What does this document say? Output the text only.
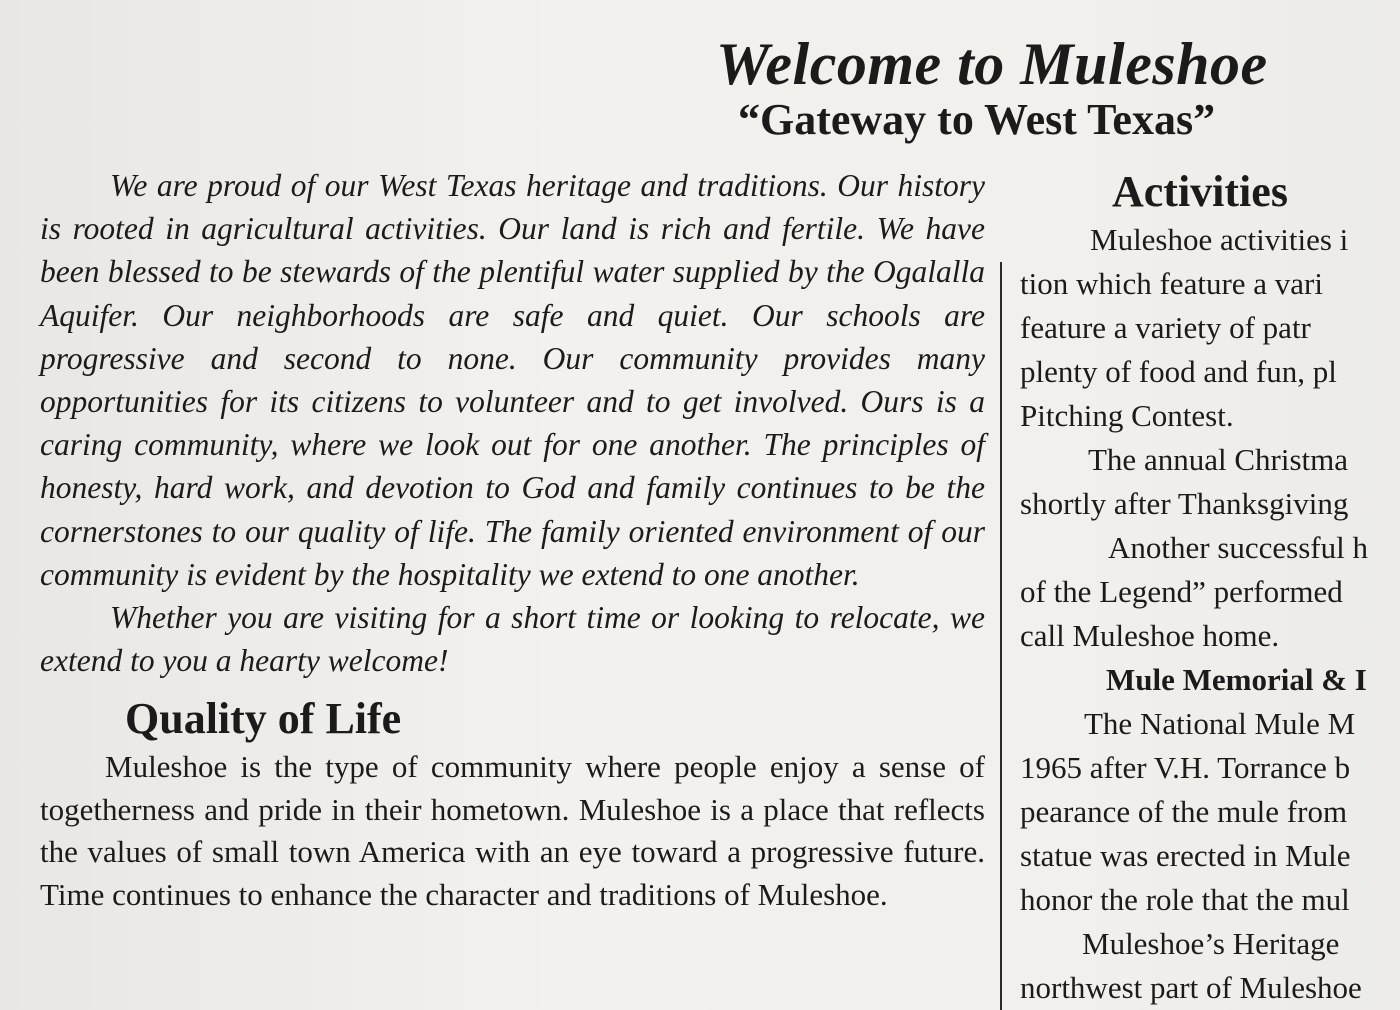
Welcome to Muleshoe
“Gateway to West Texas”

We are proud of our West Texas heritage and traditions. Our history is rooted in agricultural activities. Our land is rich and fertile. We have been blessed to be stewards of the plentiful water supplied by the Ogalalla Aquifer. Our neighborhoods are safe and quiet. Our schools are progressive and second to none. Our community provides many opportunities for its citizens to volunteer and to get involved. Ours is a caring community, where we look out for one another. The principles of honesty, hard work, and devotion to God and family continues to be the cornerstones to our quality of life. The family oriented environment of our community is evident by the hospitality we extend to one another.

Whether you are visiting for a short time or looking to relocate, we extend to you a hearty welcome!

Quality of Life

Muleshoe is the type of community where people enjoy a sense of togetherness and pride in their hometown. Muleshoe is a place that reflects the values of small town America with an eye toward a progressive future. Time continues to enhance the character and traditions of Muleshoe.

Activities

Muleshoe activities i

tion which feature a vari

feature a variety of patr

plenty of food and fun, pl

Pitching Contest.

The annual Christma

shortly after Thanksgiving

Another successful h

of the Legend” performed

call Muleshoe home.

Mule Memorial & I

The National Mule M

1965 after V.H. Torrance b

pearance of the mule from

statue was erected in Mule

honor the role that the mul

Muleshoe’s Heritage

northwest part of Muleshoe
